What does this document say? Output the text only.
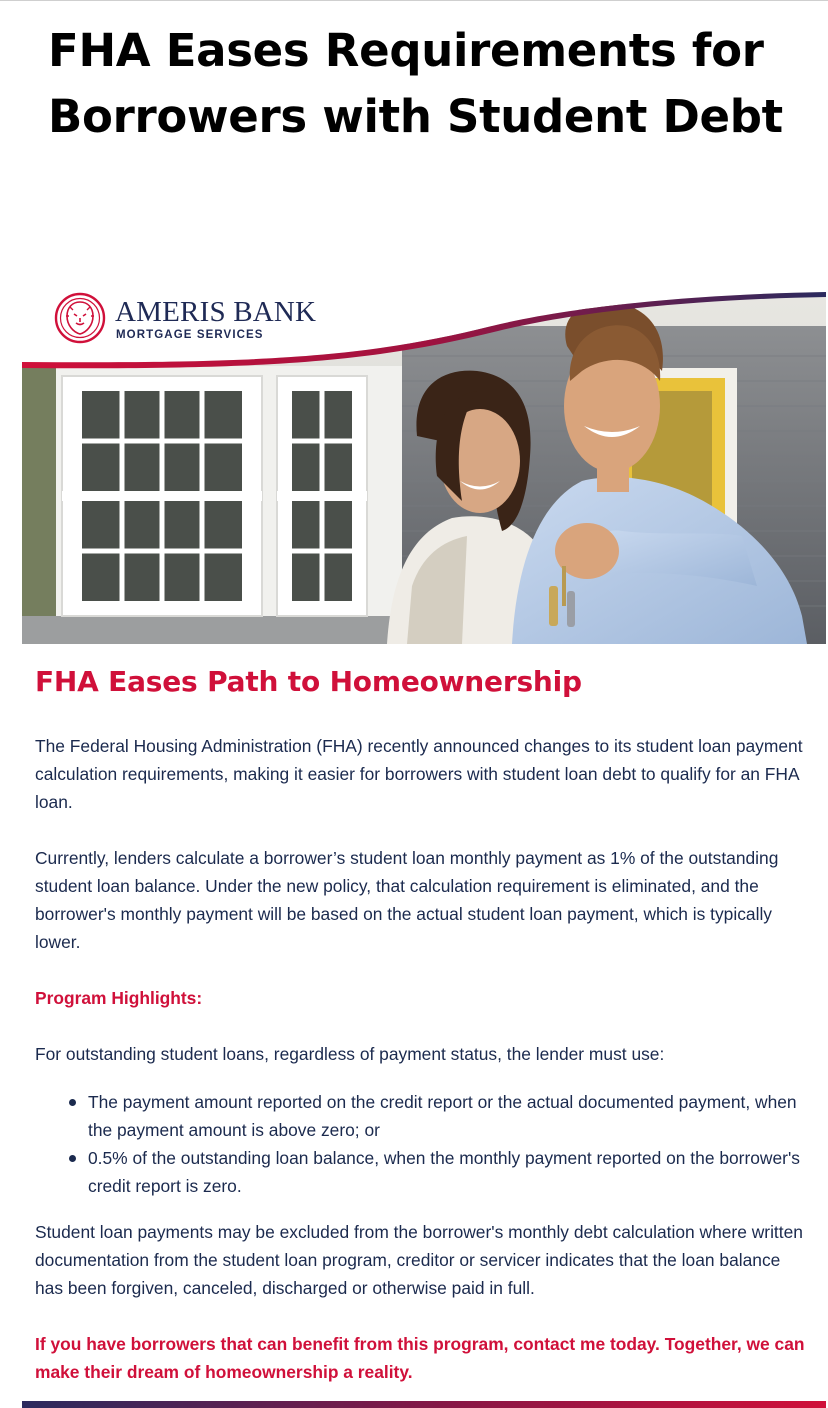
FHA Eases Requirements for Borrowers with Student Debt
AMERIS BANK
MORTGAGE SERVICES
FHA Eases Path to Homeownership

The Federal Housing Administration (FHA) recently announced changes to its student loan payment calculation requirements, making it easier for borrowers with student loan debt to qualify for an FHA loan.

Currently, lenders calculate a borrower’s student loan monthly payment as 1% of the outstanding student loan balance. Under the new policy, that calculation requirement is eliminated, and the borrower's monthly payment will be based on the actual student loan payment, which is typically lower.

Program Highlights:

For outstanding student loans, regardless of payment status, the lender must use:

The payment amount reported on the credit report or the actual documented payment, when the payment amount is above zero; or
0.5% of the outstanding loan balance, when the monthly payment reported on the borrower's credit report is zero.

Student loan payments may be excluded from the borrower's monthly debt calculation where written documentation from the student loan program, creditor or servicer indicates that the loan balance has been forgiven, canceled, discharged or otherwise paid in full.

If you have borrowers that can benefit from this program, contact me today. Together, we can make their dream of homeownership a reality.
